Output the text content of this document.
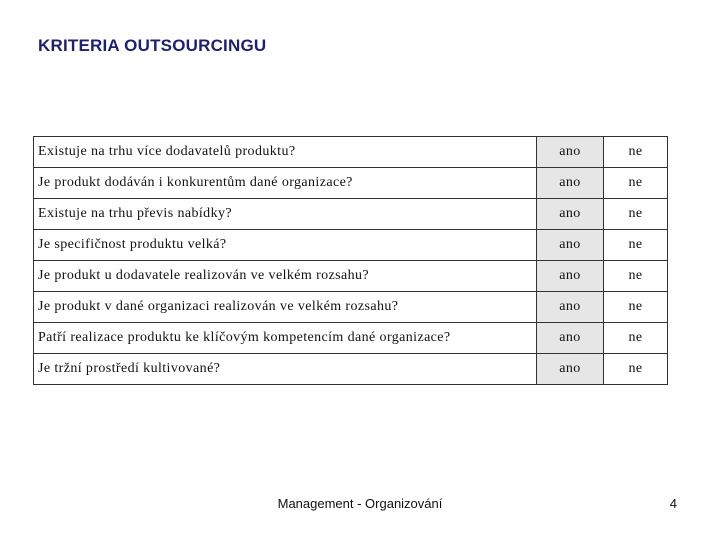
KRITERIA OUTSOURCINGU
Existuje na trhu více dodavatelů produktu?	ano	ne
Je produkt dodáván i konkurentům dané organizace?	ano	ne
Existuje na trhu převis nabídky?	ano	ne
Je specifičnost produktu velká?	ano	ne
Je produkt u dodavatele realizován ve velkém rozsahu?	ano	ne
Je produkt v dané organizaci realizován ve velkém rozsahu?	ano	ne
Patří realizace produktu ke klíčovým kompetencím dané organizace?	ano	ne
Je tržní prostředí kultivované?	ano	ne
Management - Organizování	4
